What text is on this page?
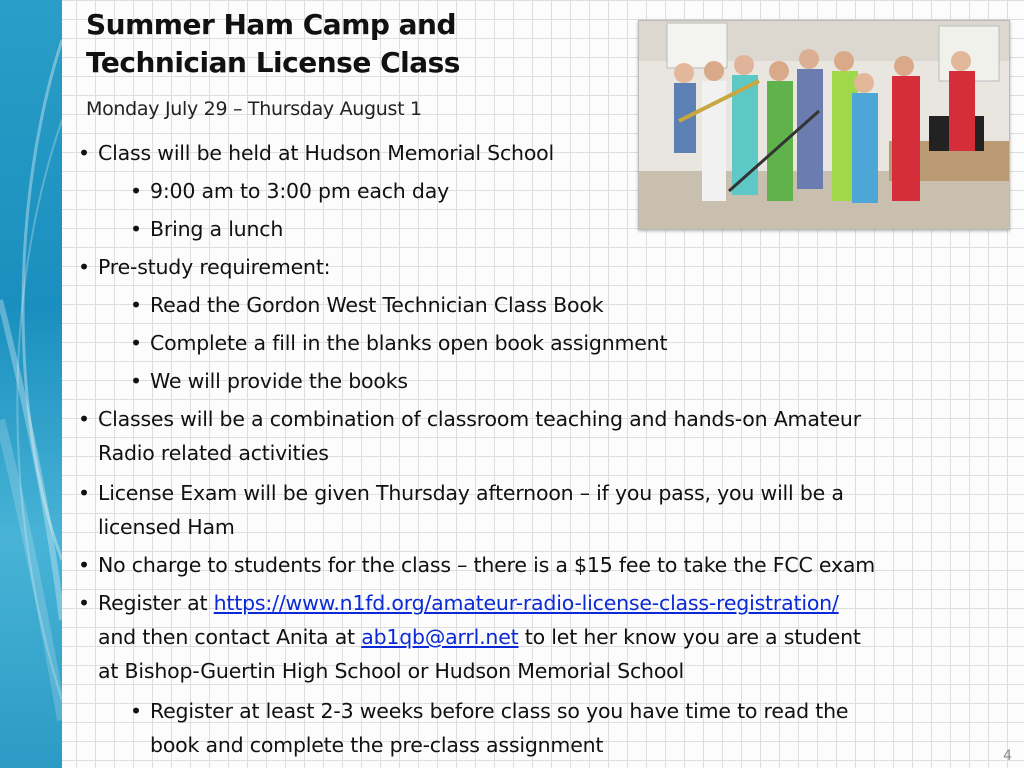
Summer Ham Camp and
Technician License Class
Monday July 29 – Thursday August 1
• Class will be held at Hudson Memorial School
• 9:00 am to 3:00 pm each day
• Bring a lunch
• Pre-study requirement:
• Read the Gordon West Technician Class Book
• Complete a fill in the blanks open book assignment
• We will provide the books
• Classes will be a combination of classroom teaching and hands-on Amateur
Radio related activities
• License Exam will be given Thursday afternoon – if you pass, you will be a
licensed Ham
• No charge to students for the class – there is a $15 fee to take the FCC exam
• Register at https://www.n1fd.org/amateur-radio-license-class-registration/
and then contact Anita at ab1qb@arrl.net to let her know you are a student
at Bishop-Guertin High School or Hudson Memorial School
• Register at least 2-3 weeks before class so you have time to read the
book and complete the pre-class assignment	4
